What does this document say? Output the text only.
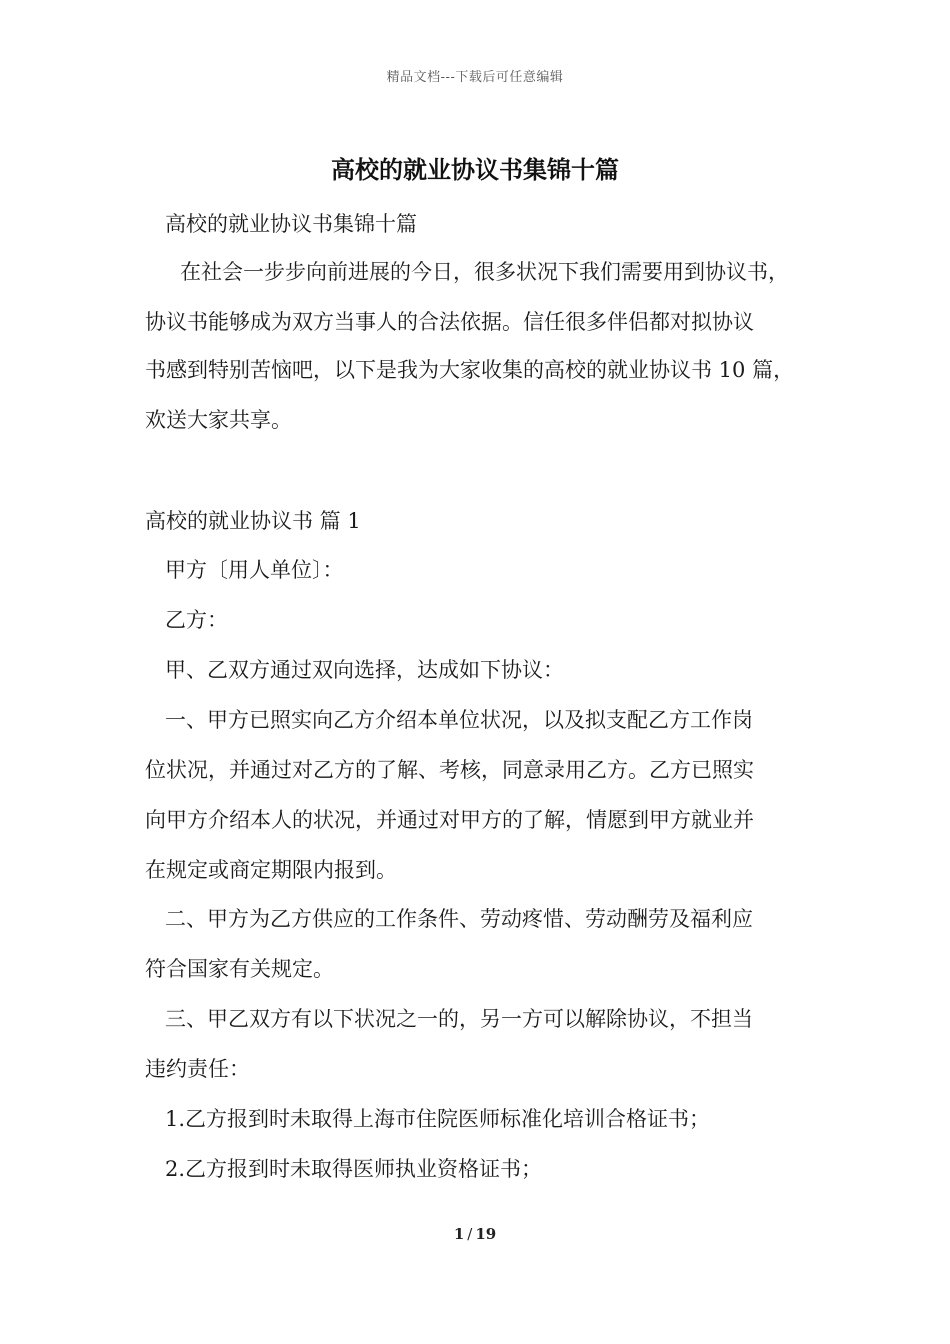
精品文档---下载后可任意编辑
高校的就业协议书集锦十篇
高校的就业协议书集锦十篇
在社会一步步向前进展的今日，很多状况下我们需要用到协议书，
协议书能够成为双方当事人的合法依据。信任很多伴侣都对拟协议
书感到特别苦恼吧，以下是我为大家收集的高校的就业协议书 10 篇，
欢送大家共享。
高校的就业协议书 篇 1
甲方〔用人单位〕：
乙方：
甲、乙双方通过双向选择，达成如下协议：
一、甲方已照实向乙方介绍本单位状况，以及拟支配乙方工作岗
位状况，并通过对乙方的了解、考核，同意录用乙方。乙方已照实
向甲方介绍本人的状况，并通过对甲方的了解，情愿到甲方就业并
在规定或商定期限内报到。
二、甲方为乙方供应的工作条件、劳动疼惜、劳动酬劳及福利应
符合国家有关规定。
三、甲乙双方有以下状况之一的，另一方可以解除协议，不担当
违约责任：
1.乙方报到时未取得上海市住院医师标准化培训合格证书；
2.乙方报到时未取得医师执业资格证书；
1 / 19
